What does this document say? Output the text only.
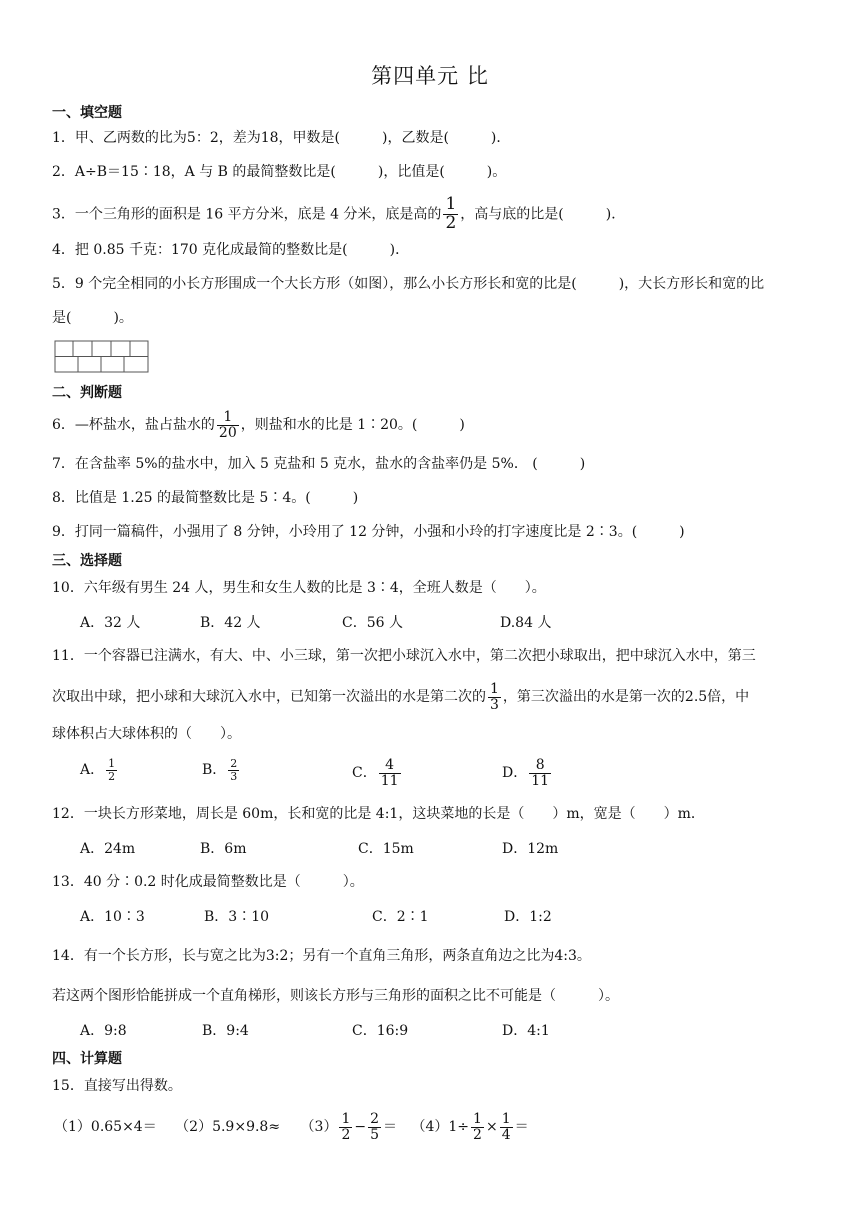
第四单元 比
一、填空题
1．甲、乙两数的比为5：2，差为18，甲数是(　　　)，乙数是(　　　)．
2．A÷B＝15∶18，A 与 B 的最简整数比是(　　　)，比值是(　　　)。
3．一个三角形的面积是 16 平方分米，底是 4 分米，底是高的 $\frac{1}{2}$ ，高与底的比是(　　　)．
4．把 0.85 千克：170 克化成最简的整数比是(　　　)．
5．9 个完全相同的小长方形围成一个大长方形（如图），那么小长方形长和宽的比是(　　　)，大长方形长和宽的比
是(　　　)。
二、判断题
6．—杯盐水，盐占盐水的 $\frac{1}{20}$ ，则盐和水的比是 1∶20。(　　　)
7．在含盐率 5%的盐水中，加入 5 克盐和 5 克水，盐水的含盐率仍是 5%． (　　　)
8．比值是 1.25 的最简整数比是 5∶4。(　　　)
9．打同一篇稿件，小强用了 8 分钟，小玲用了 12 分钟，小强和小玲的打字速度比是 2∶3。(　　　)
三、选择题
10．六年级有男生 24 人，男生和女生人数的比是 3∶4，全班人数是（　　）。
A．32 人	B．42 人	C．56 人	D.84 人
11．一个容器已注满水，有大、中、小三球，第一次把小球沉入水中，第二次把小球取出，把中球沉入水中，第三
次取出中球，把小球和大球沉入水中，已知第一次溢出的水是第二次的 $\frac{1}{3}$ ，第三次溢出的水是第一次的2.5倍，中
球体积占大球体积的（　　）。
A． $\frac{1}{2}$	B． $\frac{2}{3}$	C． $\frac{4}{11}$	D． $\frac{8}{11}$
12．一块长方形菜地，周长是 60m，长和宽的比是 4:1，这块菜地的长是（　　）m，宽是（　　）m．
A．24m	B．6m	C．15m	D．12m
13．40 分∶0.2 时化成最简整数比是（　　　）。
A．10∶3	B．3∶10	C．2∶1	D．1:2
14．有一个长方形，长与宽之比为3:2；另有一个直角三角形，两条直角边之比为4:3。
若这两个图形恰能拼成一个直角梯形，则该长方形与三角形的面积之比不可能是（　　　）。
A．9:8	B．9:4	C．16:9	D．4:1
四、计算题
15．直接写出得数。
$(1)0.65\times 4= (2)5.9\times 9.8\approx (3) \frac{1}{2} - \frac{2}{5} = (4)1\div \frac{1}{2} \times \frac{1}{4}$ ＝
